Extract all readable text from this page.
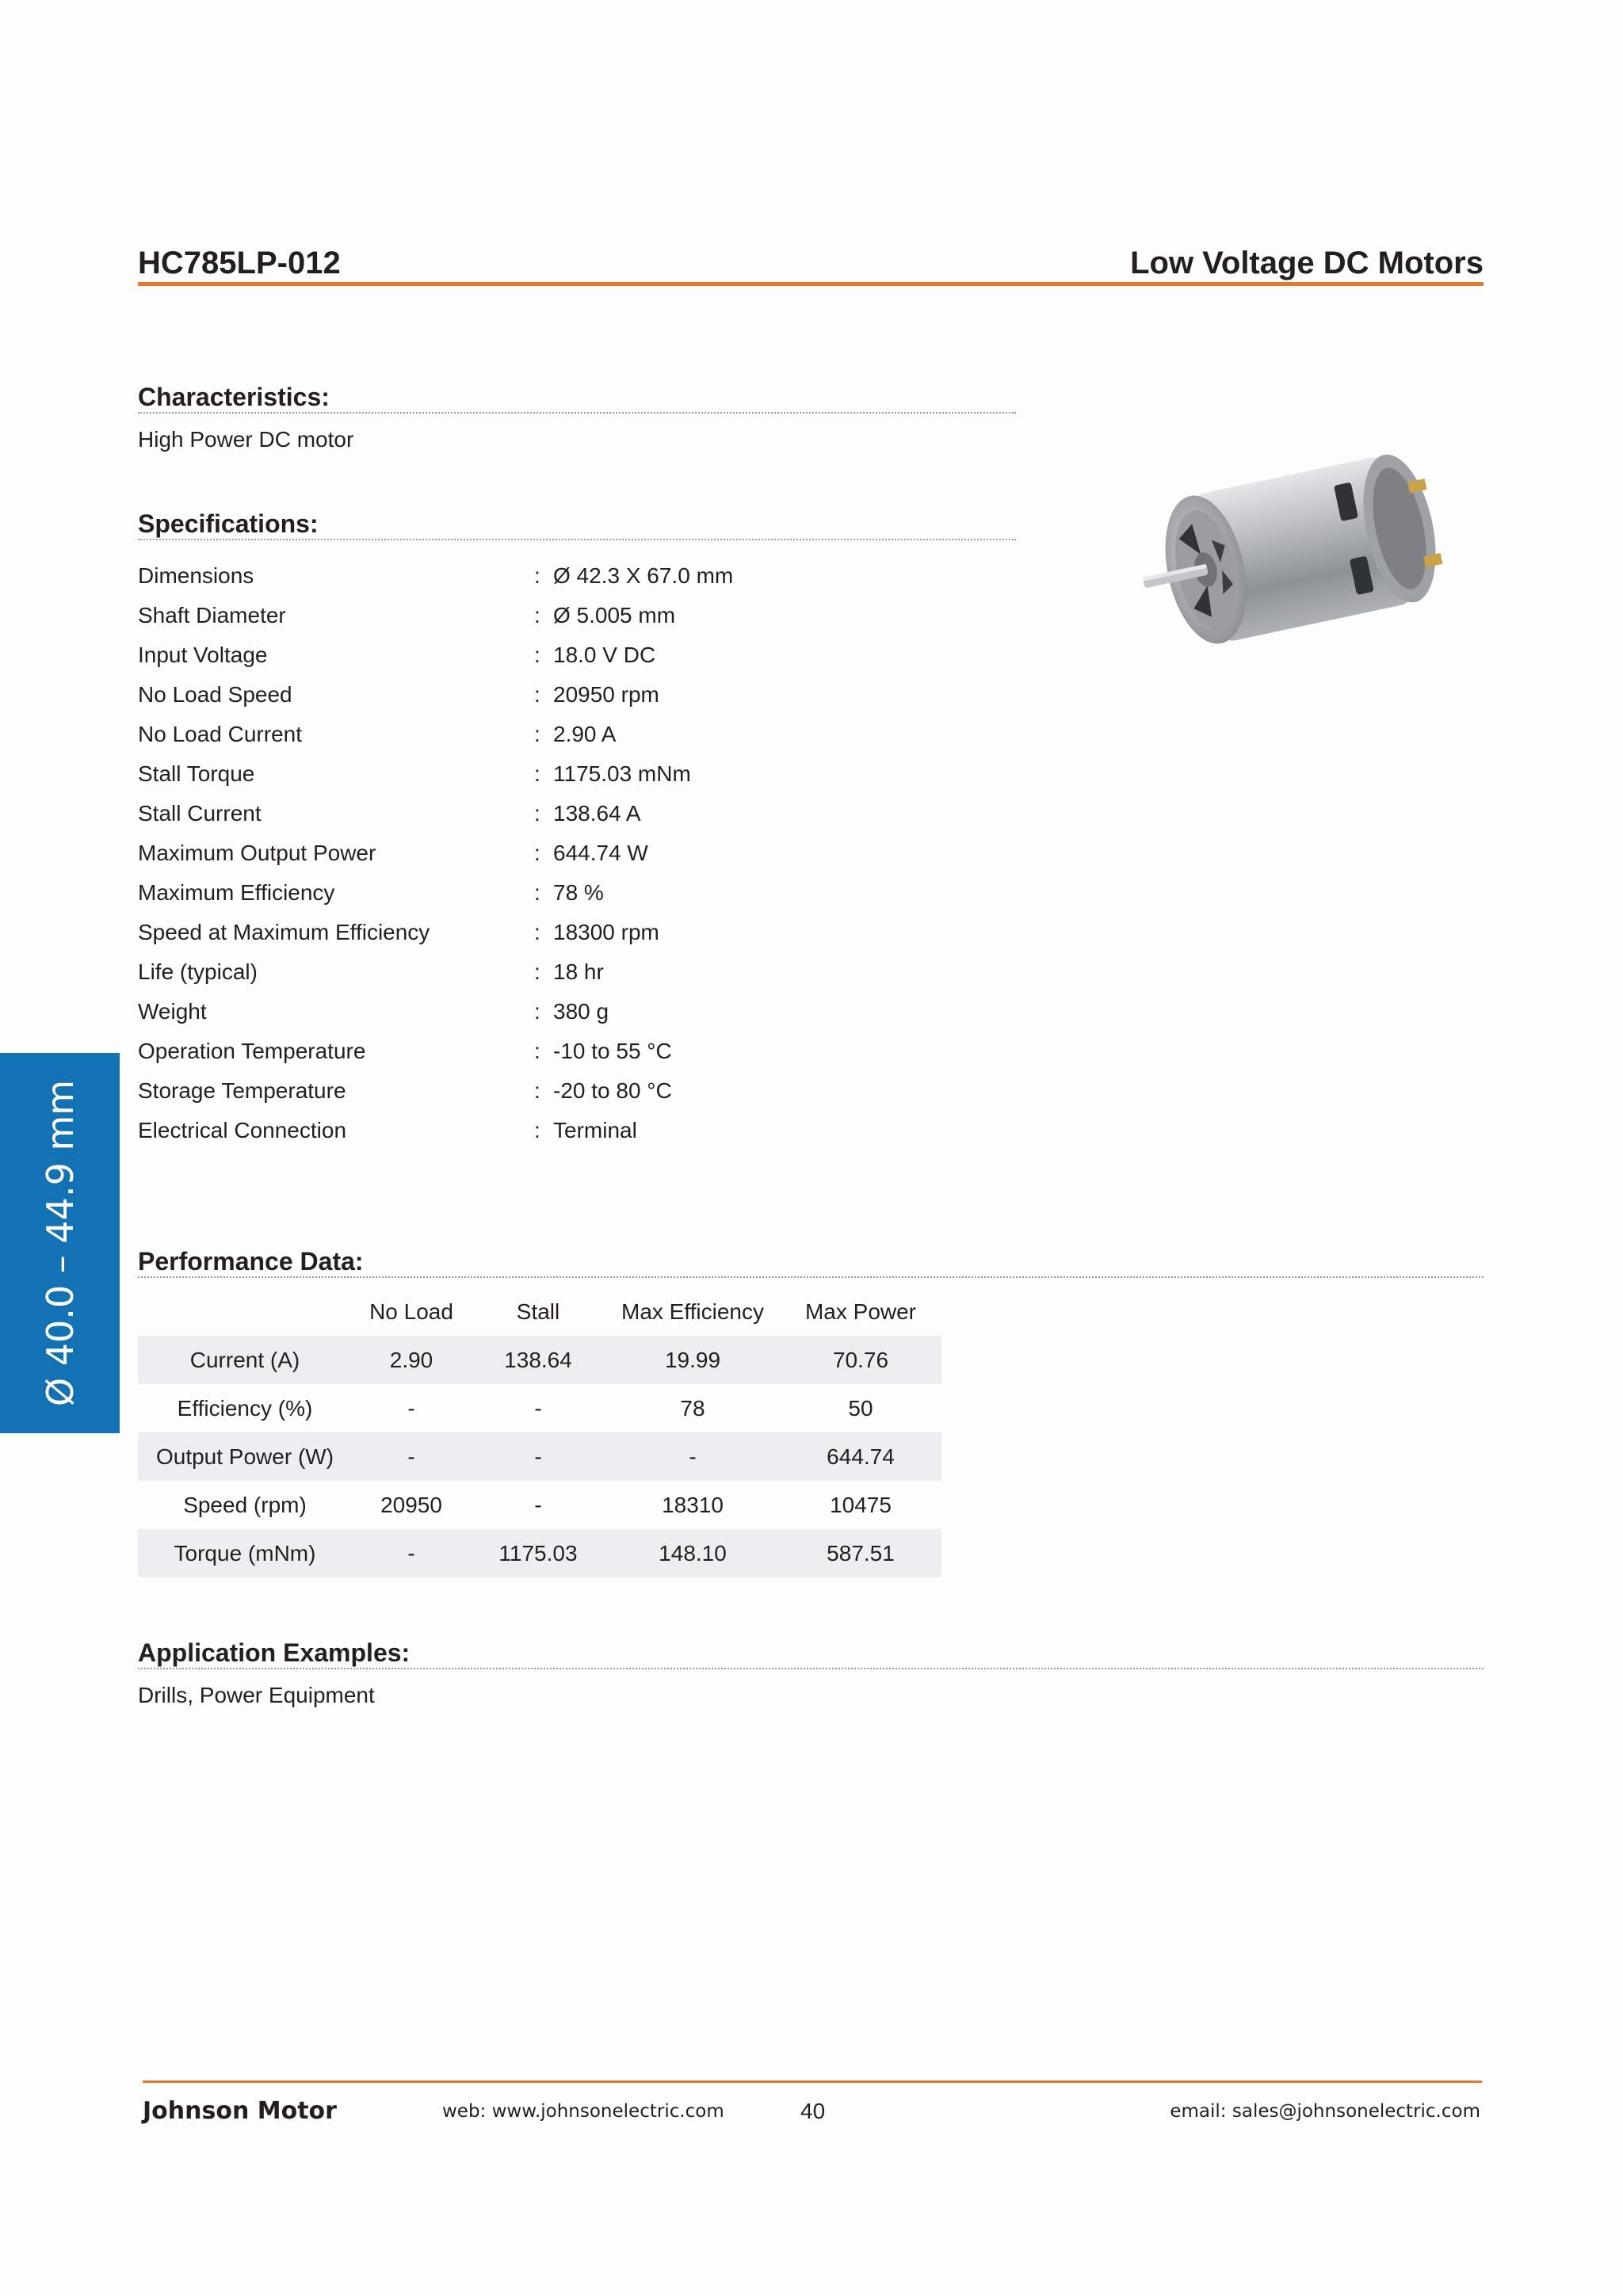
HC785LP-012	Low Voltage DC Motors
Characteristics:
High Power DC motor
Specifications:
Dimensions	: Ø 42.3 X 67.0 mm
Shaft Diameter	: Ø 5.005 mm
Input Voltage	: 18.0 V DC
No Load Speed	: 20950 rpm
No Load Current	: 2.90 A
Stall Torque	: 1175.03 mNm
Stall Current	: 138.64 A
Maximum Output Power	: 644.74 W
Maximum Efficiency	: 78 %
Speed at Maximum Efficiency	: 18300 rpm
Life (typical)	: 18 hr
Weight	: 380 g
Operation Temperature	: -10 to 55 °C
Storage Temperature	: -20 to 80 °C
Electrical Connection	: Terminal
Ø 40.0 – 44.9 mm Performance Data:
	No Load	Stall	Max Efficiency	Max Power
Current (A)	2.90	138.64	19.99	70.76
Efficiency (%)	-	-	78	50
Output Power (W)	-	-	-	644.74
Speed (rpm)	20950	-	18310	10475
Torque (mNm)	-	1175.03	148.10	587.51
Application Examples:
Drills, Power Equipment
Johnson Motor	web: www.johnsonelectric.com	40	email: sales@johnsonelectric.com
